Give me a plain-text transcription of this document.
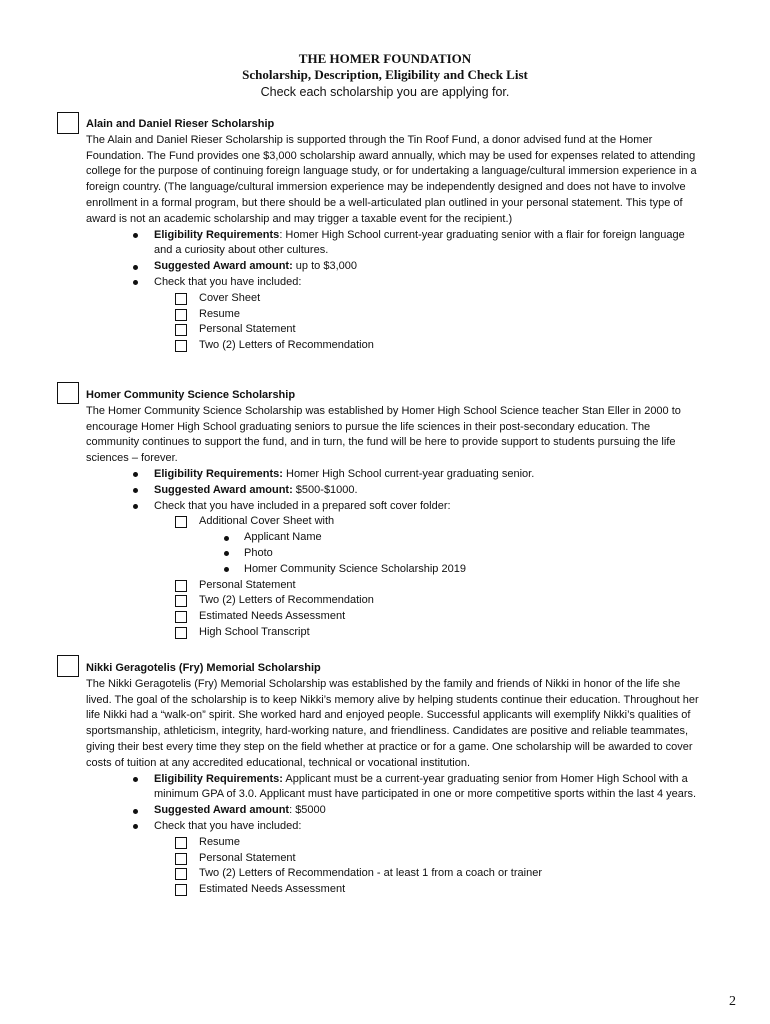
THE HOMER FOUNDATION
Scholarship, Description, Eligibility and Check List
Check each scholarship you are applying for.
Alain and Daniel Rieser Scholarship

The Alain and Daniel Rieser Scholarship is supported through the Tin Roof Fund, a donor advised fund at the Homer Foundation. The Fund provides one $3,000 scholarship award annually, which may be used for expenses related to attending college for the purpose of continuing foreign language study, or for undertaking a language/cultural immersion experience in a foreign country. (The language/cultural immersion experience may be independently designed and does not have to involve enrollment in a formal program, but there should be a well-articulated plan outlined in your personal statement. This type of award is not an academic scholarship and may trigger a taxable event for the recipient.)

Eligibility Requirements: Homer High School current-year graduating senior with a flair for foreign language and a curiosity about other cultures.
Suggested Award amount: up to $3,000
Check that you have included:
Cover Sheet
Resume
Personal Statement
Two (2) Letters of Recommendation
Homer Community Science Scholarship

The Homer Community Science Scholarship was established by Homer High School Science teacher Stan Eller in 2000 to encourage Homer High School graduating seniors to pursue the life sciences in their post-secondary education. The community continues to support the fund, and in turn, the fund will be here to provide support to students pursuing the life sciences – forever.

Eligibility Requirements: Homer High School current-year graduating senior.
Suggested Award amount: $500-$1000.
Check that you have included in a prepared soft cover folder:
Additional Cover Sheet with
Applicant Name
Photo
Homer Community Science Scholarship 2019
Personal Statement
Two (2) Letters of Recommendation
Estimated Needs Assessment
High School Transcript
Nikki Geragotelis (Fry) Memorial Scholarship

The Nikki Geragotelis (Fry) Memorial Scholarship was established by the family and friends of Nikki in honor of the life she lived. The goal of the scholarship is to keep Nikki’s memory alive by helping students continue their education. Throughout her life Nikki had a “walk-on” spirit. She worked hard and enjoyed people. Successful applicants will exemplify Nikki’s qualities of sportsmanship, athleticism, integrity, hard-working nature, and friendliness. Candidates are positive and reliable teammates, giving their best every time they step on the field whether at practice or for a game. One scholarship will be awarded to cover costs of tuition at any accredited educational, technical or vocational institution.

Eligibility Requirements: Applicant must be a current-year graduating senior from Homer High School with a minimum GPA of 3.0. Applicant must have participated in one or more competitive sports within the last 4 years.
Suggested Award amount: $5000
Check that you have included:
Resume
Personal Statement
Two (2) Letters of Recommendation - at least 1 from a coach or trainer
Estimated Needs Assessment
2
